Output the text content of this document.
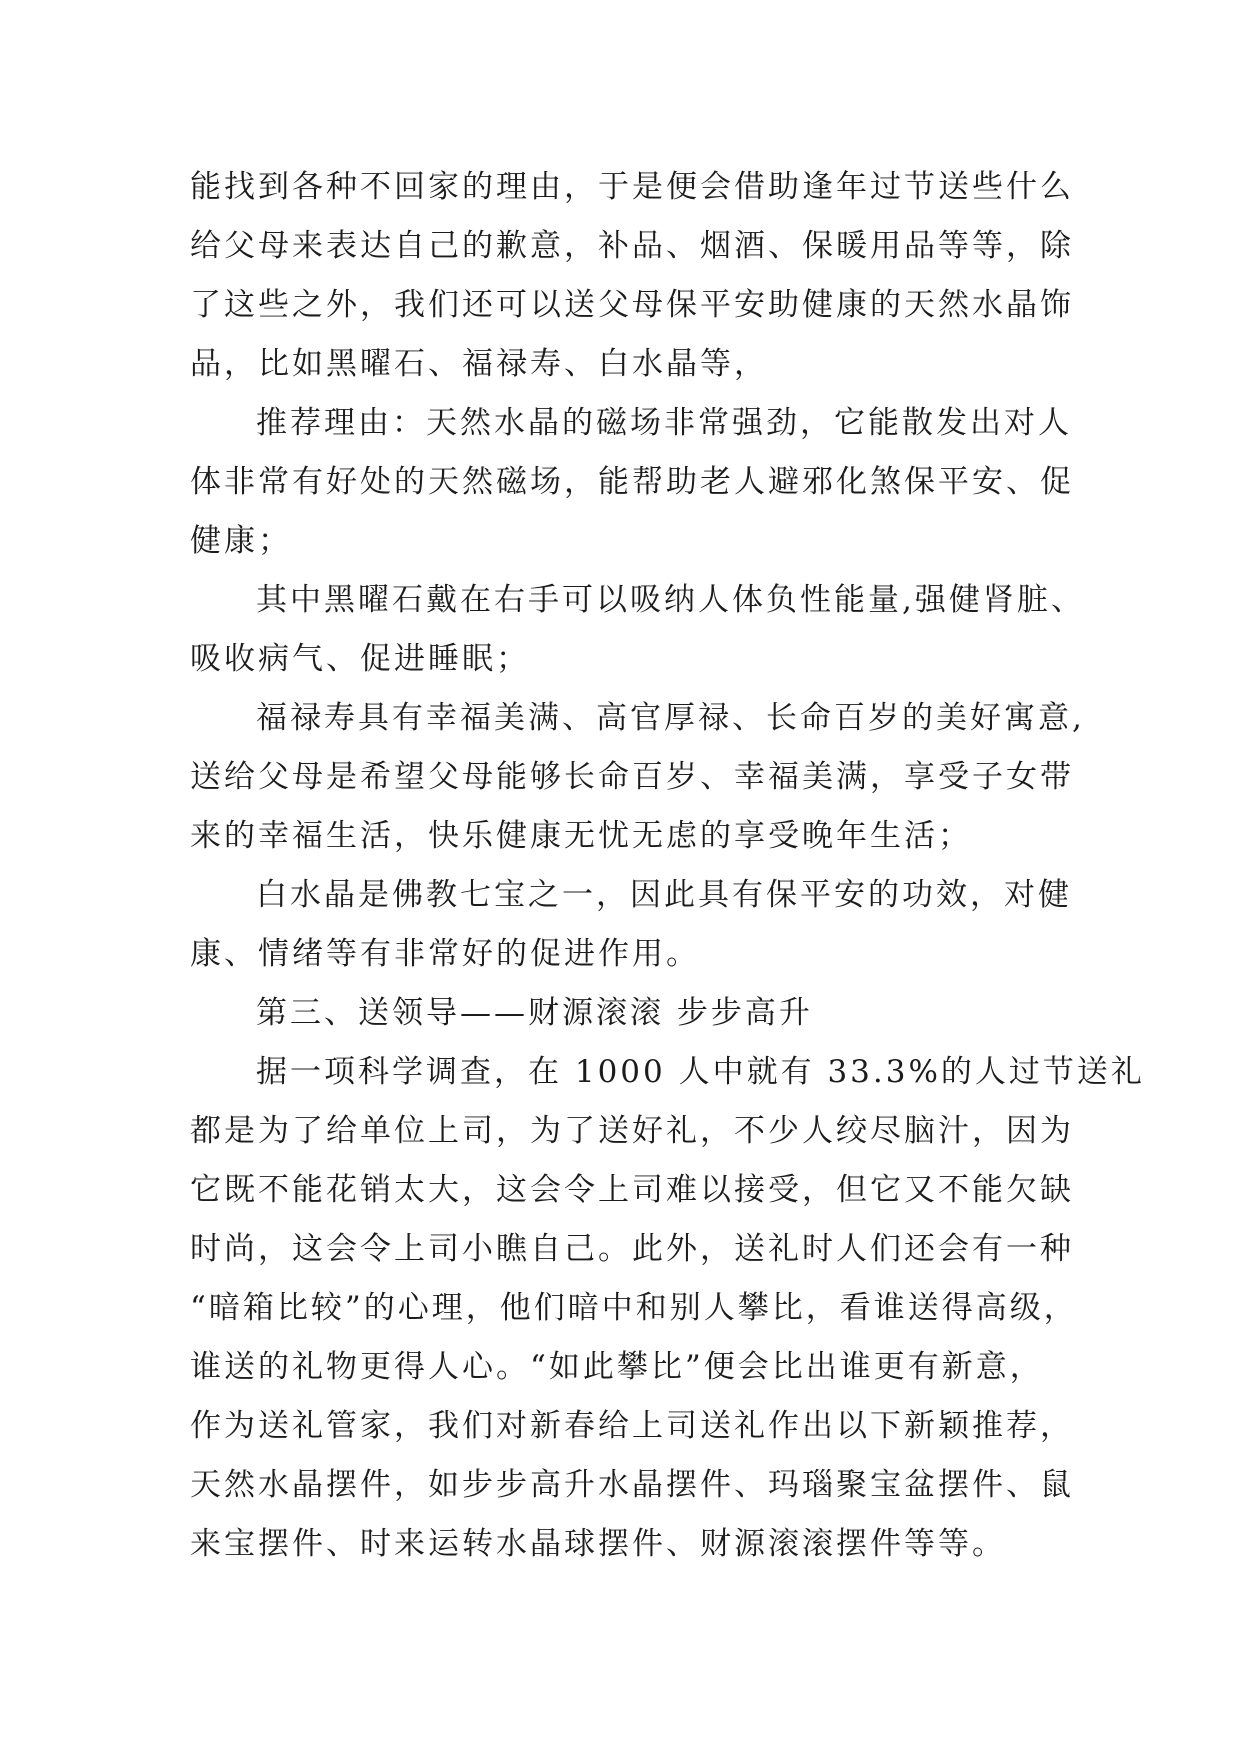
能找到各种不回家的理由，于是便会借助逢年过节送些什么
给父母来表达自己的歉意，补品、烟酒、保暖用品等等，除
了这些之外，我们还可以送父母保平安助健康的天然水晶饰
品，比如黑曜石、福禄寿、白水晶等，
推荐理由：天然水晶的磁场非常强劲，它能散发出对人
体非常有好处的天然磁场，能帮助老人避邪化煞保平安、促
健康；
其中黑曜石戴在右手可以吸纳人体负性能量,强健肾脏、
吸收病气、促进睡眠；
福禄寿具有幸福美满、高官厚禄、长命百岁的美好寓意,
送给父母是希望父母能够长命百岁、幸福美满，享受子女带
来的幸福生活，快乐健康无忧无虑的享受晚年生活；
白水晶是佛教七宝之一，因此具有保平安的功效，对健
康、情绪等有非常好的促进作用。
第三、送领导——财源滚滚 步步高升
据一项科学调查，在 1000 人中就有 33.3%的人过节送礼
都是为了给单位上司，为了送好礼，不少人绞尽脑汁，因为
它既不能花销太大，这会令上司难以接受，但它又不能欠缺
时尚，这会令上司小瞧自己。此外，送礼时人们还会有一种
“暗箱比较”的心理，他们暗中和别人攀比，看谁送得高级，
谁送的礼物更得人心。“如此攀比”便会比出谁更有新意，
作为送礼管家，我们对新春给上司送礼作出以下新颖推荐，
天然水晶摆件，如步步高升水晶摆件、玛瑙聚宝盆摆件、鼠
来宝摆件、时来运转水晶球摆件、财源滚滚摆件等等。
